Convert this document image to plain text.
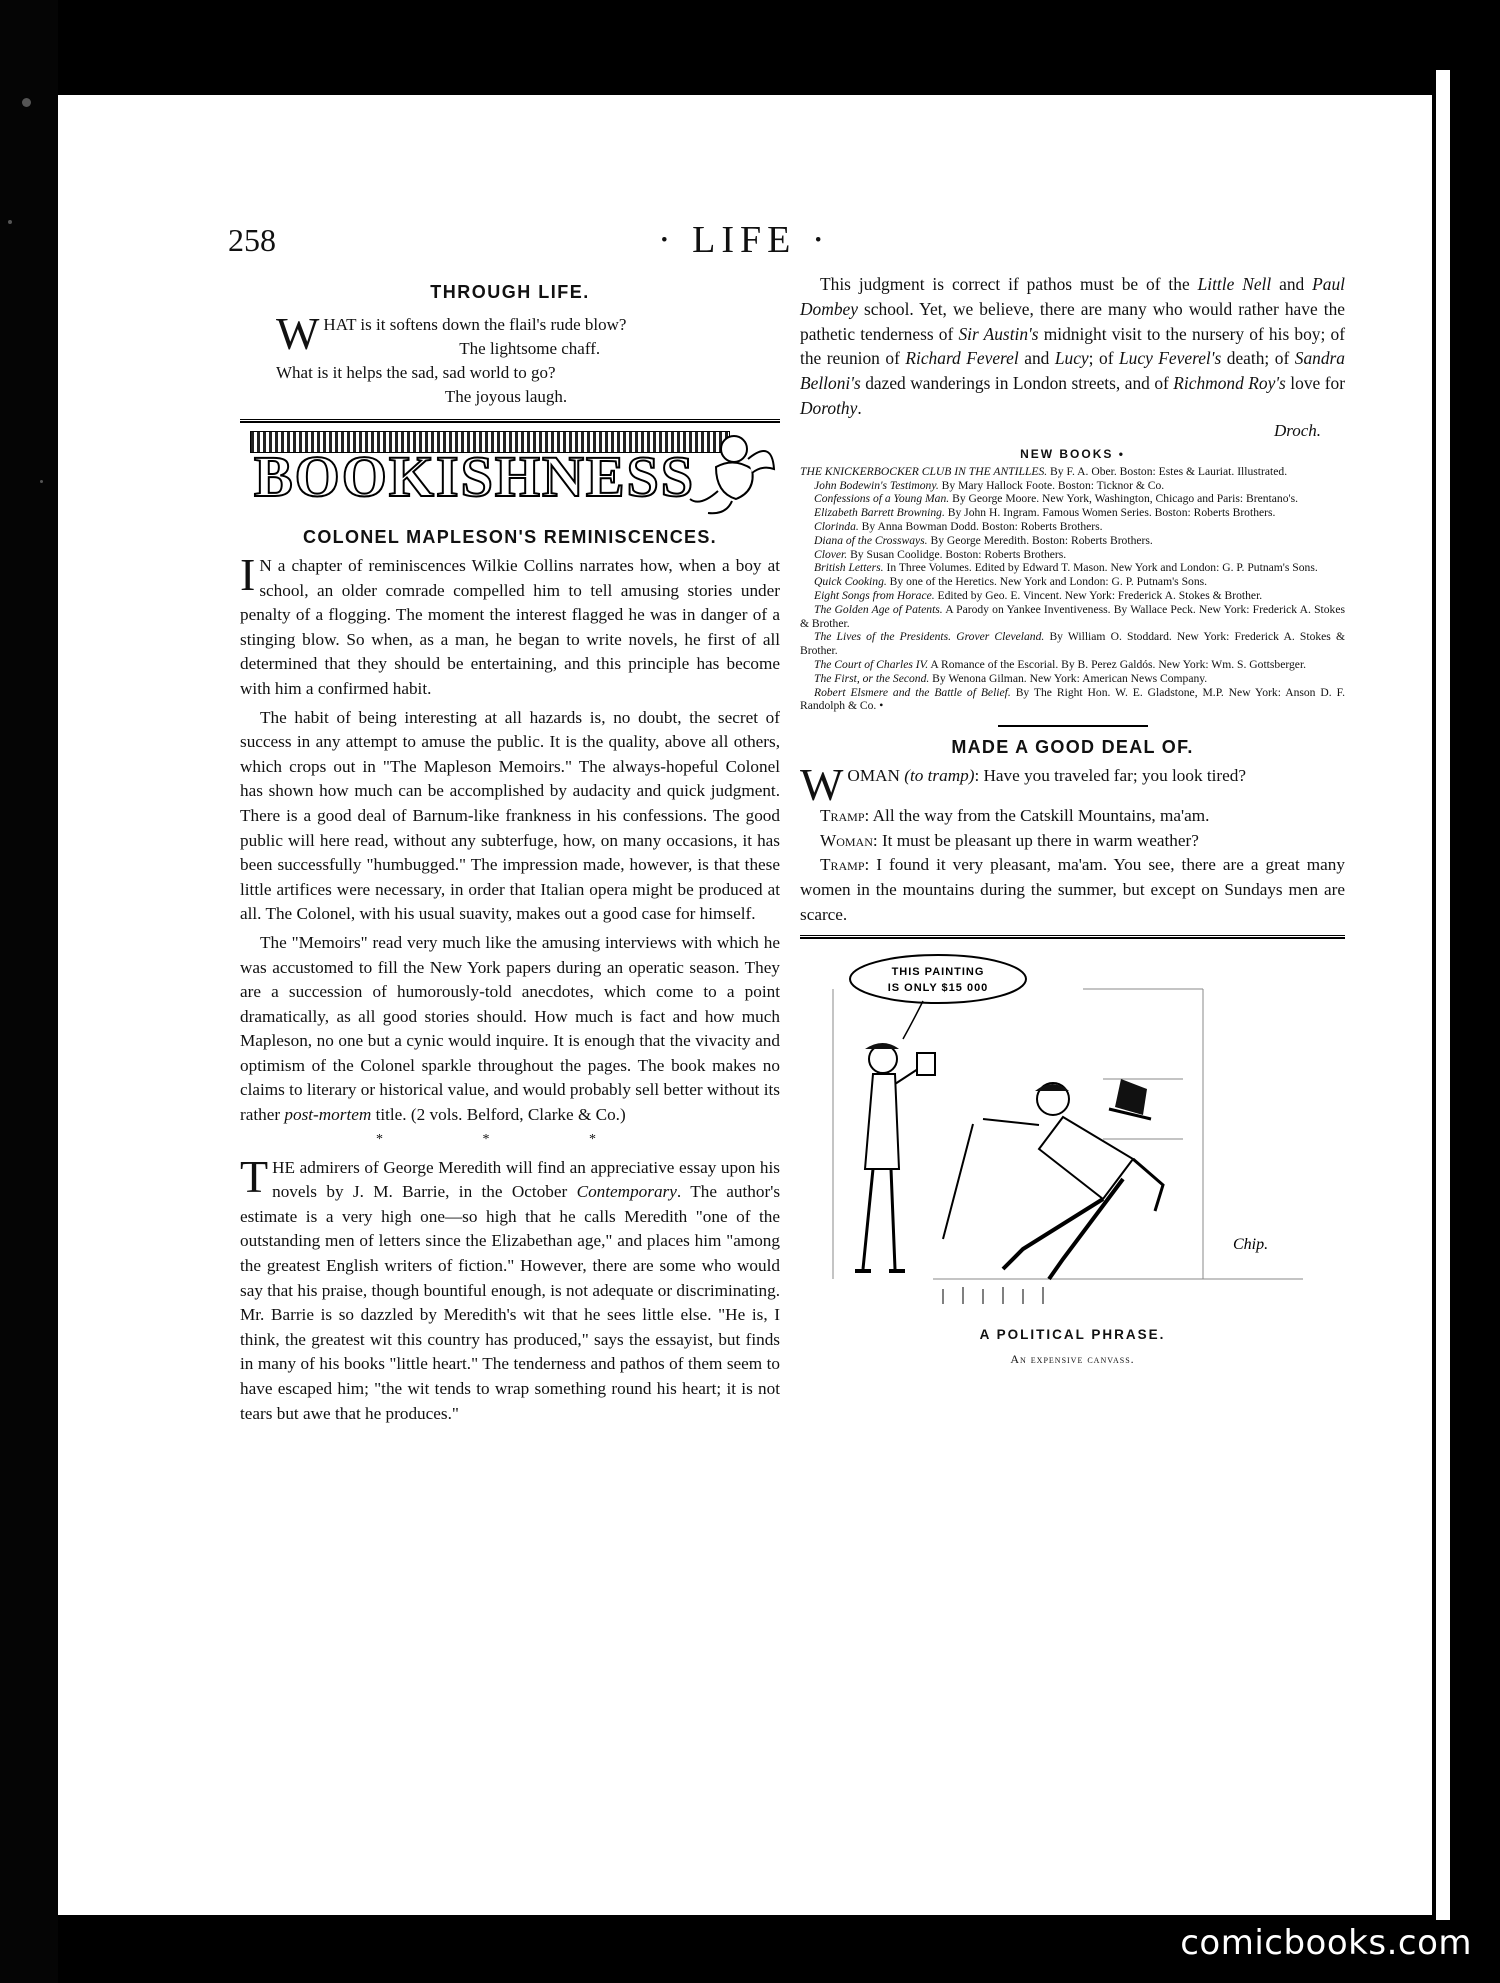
258	· LIFE ·
THROUGH LIFE.
W HAT is it softens down the flail's rude blow?
The lightsome chaff.
What is it helps the sad, sad world to go?
The joyous laugh.
BOOKISHNESS
COLONEL MAPLESON'S REMINISCENCES.

I N a chapter of reminiscences Wilkie Collins narrates how, when a boy at school, an older comrade compelled him to tell amusing stories under penalty of a flogging. The moment the interest flagged he was in danger of a stinging blow. So when, as a man, he began to write novels, he first of all determined that they should be entertaining, and this principle has become with him a confirmed habit.

The habit of being interesting at all hazards is, no doubt, the secret of success in any attempt to amuse the public. It is the quality, above all others, which crops out in "The Mapleson Memoirs." The always-hopeful Colonel has shown how much can be accomplished by audacity and quick judgment. There is a good deal of Barnum-like frankness in his confessions. The good public will here read, without any subterfuge, how, on many occasions, it has been successfully "humbugged." The impression made, however, is that these little artifices were necessary, in order that Italian opera might be produced at all. The Colonel, with his usual suavity, makes out a good case for himself.

The "Memoirs" read very much like the amusing interviews with which he was accustomed to fill the New York papers during an operatic season. They are a succession of humorously-told anecdotes, which come to a point dramatically, as all good stories should. How much is fact and how much Mapleson, no one but a cynic would inquire. It is enough that the vivacity and optimism of the Colonel sparkle throughout the pages. The book makes no claims to literary or historical value, and would probably sell better without its rather post-mortem title. (2 vols. Belford, Clarke & Co.)

* * *

THE admirers of George Meredith will find an appreciative essay upon his novels by J. M. Barrie, in the October Contemporary. The author's estimate is a very high one—so high that he calls Meredith "one of the outstanding men of letters since the Elizabethan age," and places him "among the greatest English writers of fiction." However, there are some who would say that his praise, though bountiful enough, is not adequate or discriminating. Mr. Barrie is so dazzled by Meredith's wit that he sees little else. "He is, I think, the greatest wit this country has produced," says the essayist, but finds in many of his books "little heart." The tenderness and pathos of them seem to have escaped him; "the wit tends to wrap something round his heart; it is not tears but awe that he produces."

This judgment is correct if pathos must be of the Little Nell and Paul Dombey school. Yet, we believe, there are many who would rather have the pathetic tenderness of Sir Austin's midnight visit to the nursery of his boy; of the reunion of Richard Feverel and Lucy; of Lucy Feverel's death; of Sandra Belloni's dazed wanderings in London streets, and of Richmond Roy's love for Dorothy.

Droch.
NEW BOOKS •

THE KNICKERBOCKER CLUB IN THE ANTILLES. By F. A. Ober. Boston: Estes & Lauriat. Illustrated.

John Bodewin's Testimony. By Mary Hallock Foote. Boston: Ticknor & Co.

Confessions of a Young Man. By George Moore. New York, Washington, Chicago and Paris: Brentano's.

Elizabeth Barrett Browning. By John H. Ingram. Famous Women Series. Boston: Roberts Brothers.

Clorinda. By Anna Bowman Dodd. Boston: Roberts Brothers.

Diana of the Crossways. By George Meredith. Boston: Roberts Brothers.

Clover. By Susan Coolidge. Boston: Roberts Brothers.

British Letters. In Three Volumes. Edited by Edward T. Mason. New York and London: G. P. Putnam's Sons.

Quick Cooking. By one of the Heretics. New York and London: G. P. Putnam's Sons.

Eight Songs from Horace. Edited by Geo. E. Vincent. New York: Frederick A. Stokes & Brother.

The Golden Age of Patents. A Parody on Yankee Inventiveness. By Wallace Peck. New York: Frederick A. Stokes & Brother.

The Lives of the Presidents. Grover Cleveland. By William O. Stoddard. New York: Frederick A. Stokes & Brother.

The Court of Charles IV. A Romance of the Escorial. By B. Perez Galdós. New York: Wm. S. Gottsberger.

The First, or the Second. By Wenona Gilman. New York: American News Company.

Robert Elsmere and the Battle of Belief. By The Right Hon. W. E. Gladstone, M.P. New York: Anson D. F. Randolph & Co. •

MADE A GOOD DEAL OF.

WOMAN (to tramp): Have you traveled far; you look tired?

Tramp: All the way from the Catskill Mountains, ma'am.

Woman: It must be pleasant up there in warm weather?

Tramp: I found it very pleasant, ma'am. You see, there are a great many women in the mountains during the summer, but except on Sundays men are scarce.

THIS PAINTING
IS ONLY $15 000
Chip.
A POLITICAL PHRASE.
An expensive canvass.
comicbooks.com
